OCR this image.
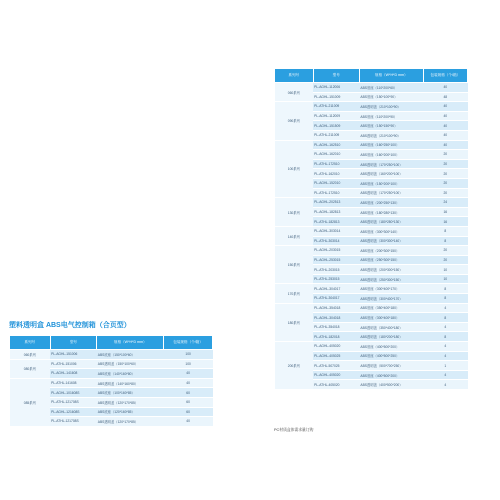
塑料透明盒 ABS电气控制箱（合页型）
系列号	型号	规格（W*H*D mm）	包装规格（个/箱）
060系列	PL-AGHL-151006	ABS底座（150*100*60）	100
080系列	PL-ATHL-151006	ABS透明盖（150*100*60）	100
	PL-AGHL-141608	ABS底座（140*160*80）	40
085系列	PL-ATHL-141608	ABS透明盖（140*160*80）	40
	PL-AGHL-101608S	ABS底座（100*160*85）	60
	PL-ATHL-121708S	ABS透明盖（120*170*85）	60
	PL-AGHL-121608S	ABS底座（120*160*85）	60
	PL-ATHL-121708S	ABS透明盖（120*170*85）	40
系列号	型号	规格（W*H*D mm）	包装规格（个/箱）
060系列	PL-AGHL-112006	ABS底座（110*200*60）	40
	PL-AGHL-151009	ABS底座（150*100*90）	48
090系列	PL-ATHL-211009	ABS透明盖（210*100*90）	40
	PL-AGHL-112009	ABS底座（110*200*90）	40
	PL-AGHL-151509	ABS底座（150*150*90）	40
	PL-ATHL-211009	ABS透明盖（210*100*90）	40
100系列	PL-AGHL-162510	ABS底座（160*250*100）	40
	PL-AGHL-162010	ABS底座（160*200*100）	20
	PL-ATHL-172510	ABS透明盖（170*250*100）	20
	PL-ATHL-162010	ABS透明盖（160*200*100）	20
	PL-AGHL-152010	ABS底座（150*200*100）	20
	PL-ATHL-172510	ABS透明盖（170*250*100）	20
130系列	PL-AGHL-202513	ABS底座（200*250*130）	24
	PL-AGHL-182813	ABS底座（180*280*130）	16
	PL-ATHL-182813	ABS透明盖（180*280*130）	16
140系列	PL-AGHL-303014	ABS底座（300*300*140）	8
	PL-ATHL-303014	ABS透明盖（300*300*140）	8
150系列	PL-AGHL-203015	ABS底座（200*300*150）	20
	PL-AGHL-253015	ABS底座（250*300*150）	20
	PL-ATHL-203015	ABS透明盖（200*300*150）	10
	PL-ATHL-253015	ABS透明盖（250*300*150）	10
170系列	PL-AGHL-304017	ABS底座（300*400*170）	8
	PL-ATHL-304017	ABS透明盖（300*400*170）	8
180系列	PL-AGHL-354018	ABS底座（350*400*180）	4
	PL-AGHL-304018	ABS底座（300*400*180）	8
	PL-ATHL-354018	ABS透明盖（350*400*180）	4
	PL-ATHL-182018	ABS透明盖（180*200*180）	8
200系列	PL-AGHL-405020	ABS底座（400*500*200）	4
	PL-AGHL-405025	ABS底座（400*500*250）	4
	PL-ATHL-507025	ABS透明盖（500*700*250）	1
	PL-AGHL-405020	ABS底座（400*500*200）	4
	PL-ATHL-405020	ABS透明盖（400*500*200）	4
PC材质盒体需求量订购
